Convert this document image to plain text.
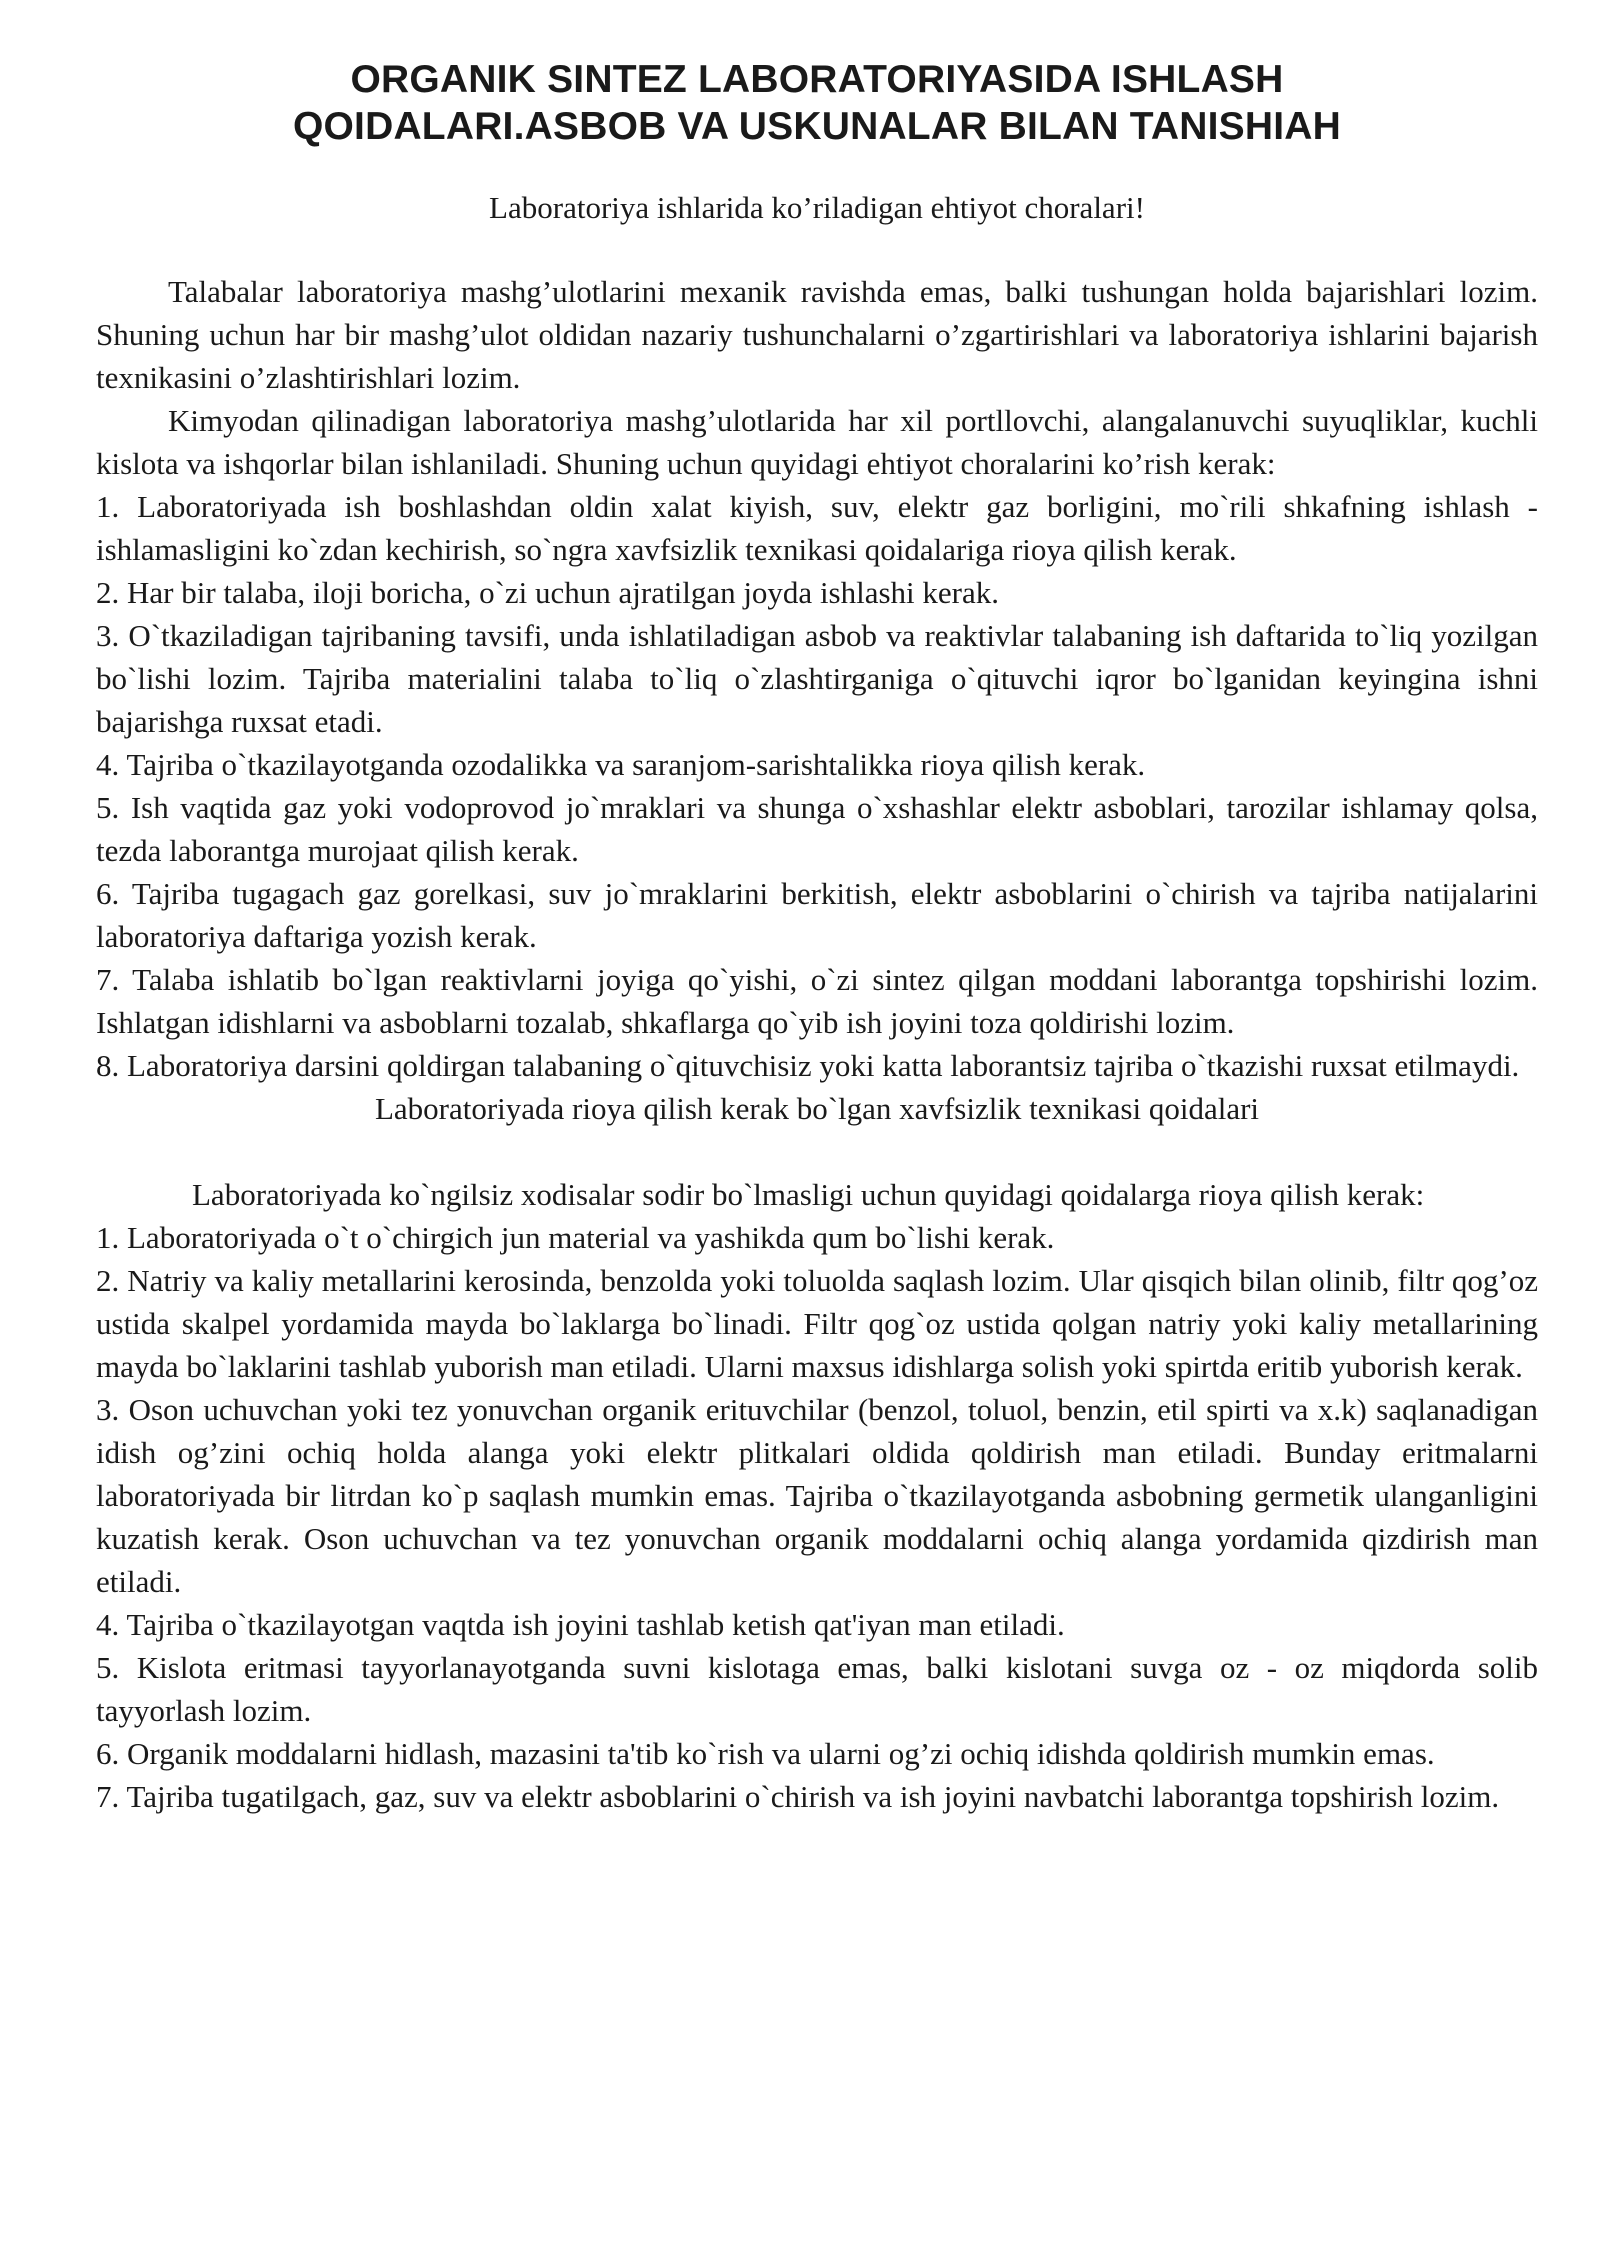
ORGANIK SINTEZ LABORATORIYASIDA ISHLASH
QOIDALARI.ASBOB VA USKUNALAR BILAN TANISHIAH

Laboratoriya ishlarida ko’riladigan ehtiyot choralari!

Talabalar laboratoriya mashg’ulotlarini mexanik ravishda emas, balki tushungan holda bajarishlari lozim. Shuning uchun har bir mashg’ulot oldidan nazariy tushunchalarni o’zgartirishlari va laboratoriya ishlarini bajarish texnikasini o’zlashtirishlari lozim.

Kimyodan qilinadigan laboratoriya mashg’ulotlarida har xil portllovchi, alangalanuvchi suyuqliklar, kuchli kislota va ishqorlar bilan ishlaniladi. Shuning uchun quyidagi ehtiyot choralarini ko’rish kerak:

1. Laboratoriyada ish boshlashdan oldin xalat kiyish, suv, elektr gaz borligini, mo`rili shkafning ishlash - ishlamasligini ko`zdan kechirish, so`ngra xavfsizlik texnikasi qoidalariga rioya qilish kerak.
2. Har bir talaba, iloji boricha, o`zi uchun ajratilgan joyda ishlashi kerak.
3. O`tkaziladigan tajribaning tavsifi, unda ishlatiladigan asbob va reaktivlar talabaning ish daftarida to`liq yozilgan bo`lishi lozim. Tajriba materialini talaba to`liq o`zlashtirganiga o`qituvchi iqror bo`lganidan keyingina ishni bajarishga ruxsat etadi.
4. Tajriba o`tkazilayotganda ozodalikka va saranjom-sarishtalikka rioya qilish kerak.
5. Ish vaqtida gaz yoki vodoprovod jo`mraklari va shunga o`xshashlar elektr asboblari, tarozilar ishlamay qolsa, tezda laborantga murojaat qilish kerak.
6. Tajriba tugagach gaz gorelkasi, suv jo`mraklarini berkitish, elektr asboblarini o`chirish va tajriba natijalarini laboratoriya daftariga yozish kerak.
7. Talaba ishlatib bo`lgan reaktivlarni joyiga qo`yishi, o`zi sintez qilgan moddani laborantga topshirishi lozim. Ishlatgan idishlarni va asboblarni tozalab, shkaflarga qo`yib ish joyini toza qoldirishi lozim.
8. Laboratoriya darsini qoldirgan talabaning o`qituvchisiz yoki katta laborantsiz tajriba o`tkazishi ruxsat etilmaydi.

Laboratoriyada rioya qilish kerak bo`lgan xavfsizlik texnikasi qoidalari

Laboratoriyada ko`ngilsiz xodisalar sodir bo`lmasligi uchun quyidagi qoidalarga rioya qilish kerak:

1. Laboratoriyada o`t o`chirgich jun material va yashikda qum bo`lishi kerak.
2. Natriy va kaliy metallarini kerosinda, benzolda yoki toluolda saqlash lozim. Ular qisqich bilan olinib, filtr qog’oz ustida skalpel yordamida mayda bo`laklarga bo`linadi. Filtr qog`oz ustida qolgan natriy yoki kaliy metallarining mayda bo`laklarini tashlab yuborish man etiladi. Ularni maxsus idishlarga solish yoki spirtda eritib yuborish kerak.
3. Oson uchuvchan yoki tez yonuvchan organik erituvchilar (benzol, toluol, benzin, etil spirti va x.k) saqlanadigan idish og’zini ochiq holda alanga yoki elektr plitkalari oldida qoldirish man etiladi. Bunday eritmalarni laboratoriyada bir litrdan ko`p saqlash mumkin emas. Tajriba o`tkazilayotganda asbobning germetik ulanganligini kuzatish kerak. Oson uchuvchan va tez yonuvchan organik moddalarni ochiq alanga yordamida qizdirish man etiladi.
4. Tajriba o`tkazilayotgan vaqtda ish joyini tashlab ketish qat'iyan man etiladi.
5. Kislota eritmasi tayyorlanayotganda suvni kislotaga emas, balki kislotani suvga oz - oz miqdorda solib tayyorlash lozim.
6. Organik moddalarni hidlash, mazasini ta'tib ko`rish va ularni og’zi ochiq idishda qoldirish mumkin emas.
7. Tajriba tugatilgach, gaz, suv va elektr asboblarini o`chirish va ish joyini navbatchi laborantga topshirish lozim.
